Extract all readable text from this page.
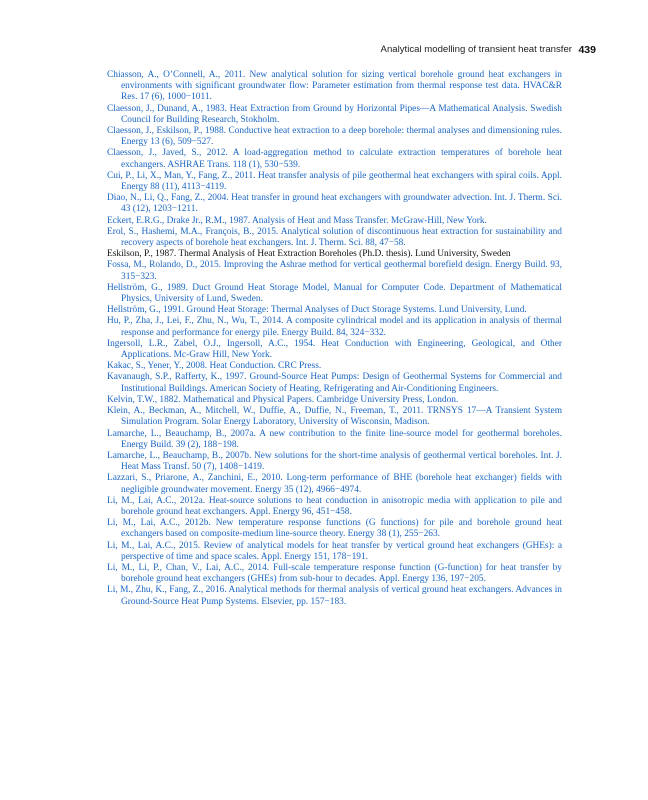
Analytical modelling of transient heat transfer 439

Chiasson, A., O’Connell, A., 2011. New analytical solution for sizing vertical borehole ground heat exchangers in environments with significant groundwater flow: Parameter estimation from thermal response test data. HVAC&R Res. 17 (6), 1000−1011.

Claesson, J., Dunand, A., 1983. Heat Extraction from Ground by Horizontal Pipes—A Mathematical Analysis. Swedish Council for Building Research, Stokholm.

Claesson, J., Eskilson, P., 1988. Conductive heat extraction to a deep borehole: thermal analyses and dimensioning rules. Energy 13 (6), 509−527.

Claesson, J., Javed, S., 2012. A load-aggregation method to calculate extraction temperatures of borehole heat exchangers. ASHRAE Trans. 118 (1), 530−539.

Cui, P., Li, X., Man, Y., Fang, Z., 2011. Heat transfer analysis of pile geothermal heat exchangers with spiral coils. Appl. Energy 88 (11), 4113−4119.

Diao, N., Li, Q., Fang, Z., 2004. Heat transfer in ground heat exchangers with groundwater advection. Int. J. Therm. Sci. 43 (12), 1203−1211.

Eckert, E.R.G., Drake Jr., R.M., 1987. Analysis of Heat and Mass Transfer. McGraw-Hill, New York.

Erol, S., Hashemi, M.A., François, B., 2015. Analytical solution of discontinuous heat extraction for sustainability and recovery aspects of borehole heat exchangers. Int. J. Therm. Sci. 88, 47−58.

Eskilson, P., 1987. Thermal Analysis of Heat Extraction Boreholes (Ph.D. thesis). Lund University, Sweden

Fossa, M., Rolando, D., 2015. Improving the Ashrae method for vertical geothermal borefield design. Energy Build. 93, 315−323.

Hellström, G., 1989. Duct Ground Heat Storage Model, Manual for Computer Code. Department of Mathematical Physics, University of Lund, Sweden.

Hellström, G., 1991. Ground Heat Storage: Thermal Analyses of Duct Storage Systems. Lund University, Lund.

Hu, P., Zha, J., Lei, F., Zhu, N., Wu, T., 2014. A composite cylindrical model and its application in analysis of thermal response and performance for energy pile. Energy Build. 84, 324−332.

Ingersoll, L.R., Zabel, O.J., Ingersoll, A.C., 1954. Heat Conduction with Engineering, Geological, and Other Applications. Mc-Graw Hill, New York.

Kakac, S., Yener, Y., 2008. Heat Conduction. CRC Press.

Kavanaugh, S.P., Rafferty, K., 1997. Ground-Source Heat Pumps: Design of Geothermal Systems for Commercial and Institutional Buildings. American Society of Heating, Refrigerating and Air-Conditioning Engineers.

Kelvin, T.W., 1882. Mathematical and Physical Papers. Cambridge University Press, London.

Klein, A., Beckman, A., Mitchell, W., Duffie, A., Duffie, N., Freeman, T., 2011. TRNSYS 17—A Transient System Simulation Program. Solar Energy Laboratory, University of Wisconsin, Madison.

Lamarche, L., Beauchamp, B., 2007a. A new contribution to the finite line-source model for geothermal boreholes. Energy Build. 39 (2), 188−198.

Lamarche, L., Beauchamp, B., 2007b. New solutions for the short-time analysis of geothermal vertical boreholes. Int. J. Heat Mass Transf. 50 (7), 1408−1419.

Lazzari, S., Priarone, A., Zanchini, E., 2010. Long-term performance of BHE (borehole heat exchanger) fields with negligible groundwater movement. Energy 35 (12), 4966−4974.

Li, M., Lai, A.C., 2012a. Heat-source solutions to heat conduction in anisotropic media with application to pile and borehole ground heat exchangers. Appl. Energy 96, 451−458.

Li, M., Lai, A.C., 2012b. New temperature response functions (G functions) for pile and borehole ground heat exchangers based on composite-medium line-source theory. Energy 38 (1), 255−263.

Li, M., Lai, A.C., 2015. Review of analytical models for heat transfer by vertical ground heat exchangers (GHEs): a perspective of time and space scales. Appl. Energy 151, 178−191.

Li, M., Li, P., Chan, V., Lai, A.C., 2014. Full-scale temperature response function (G-function) for heat transfer by borehole ground heat exchangers (GHEs) from sub-hour to decades. Appl. Energy 136, 197−205.

Li, M., Zhu, K., Fang, Z., 2016. Analytical methods for thermal analysis of vertical ground heat exchangers. Advances in Ground-Source Heat Pump Systems. Elsevier, pp. 157−183.
